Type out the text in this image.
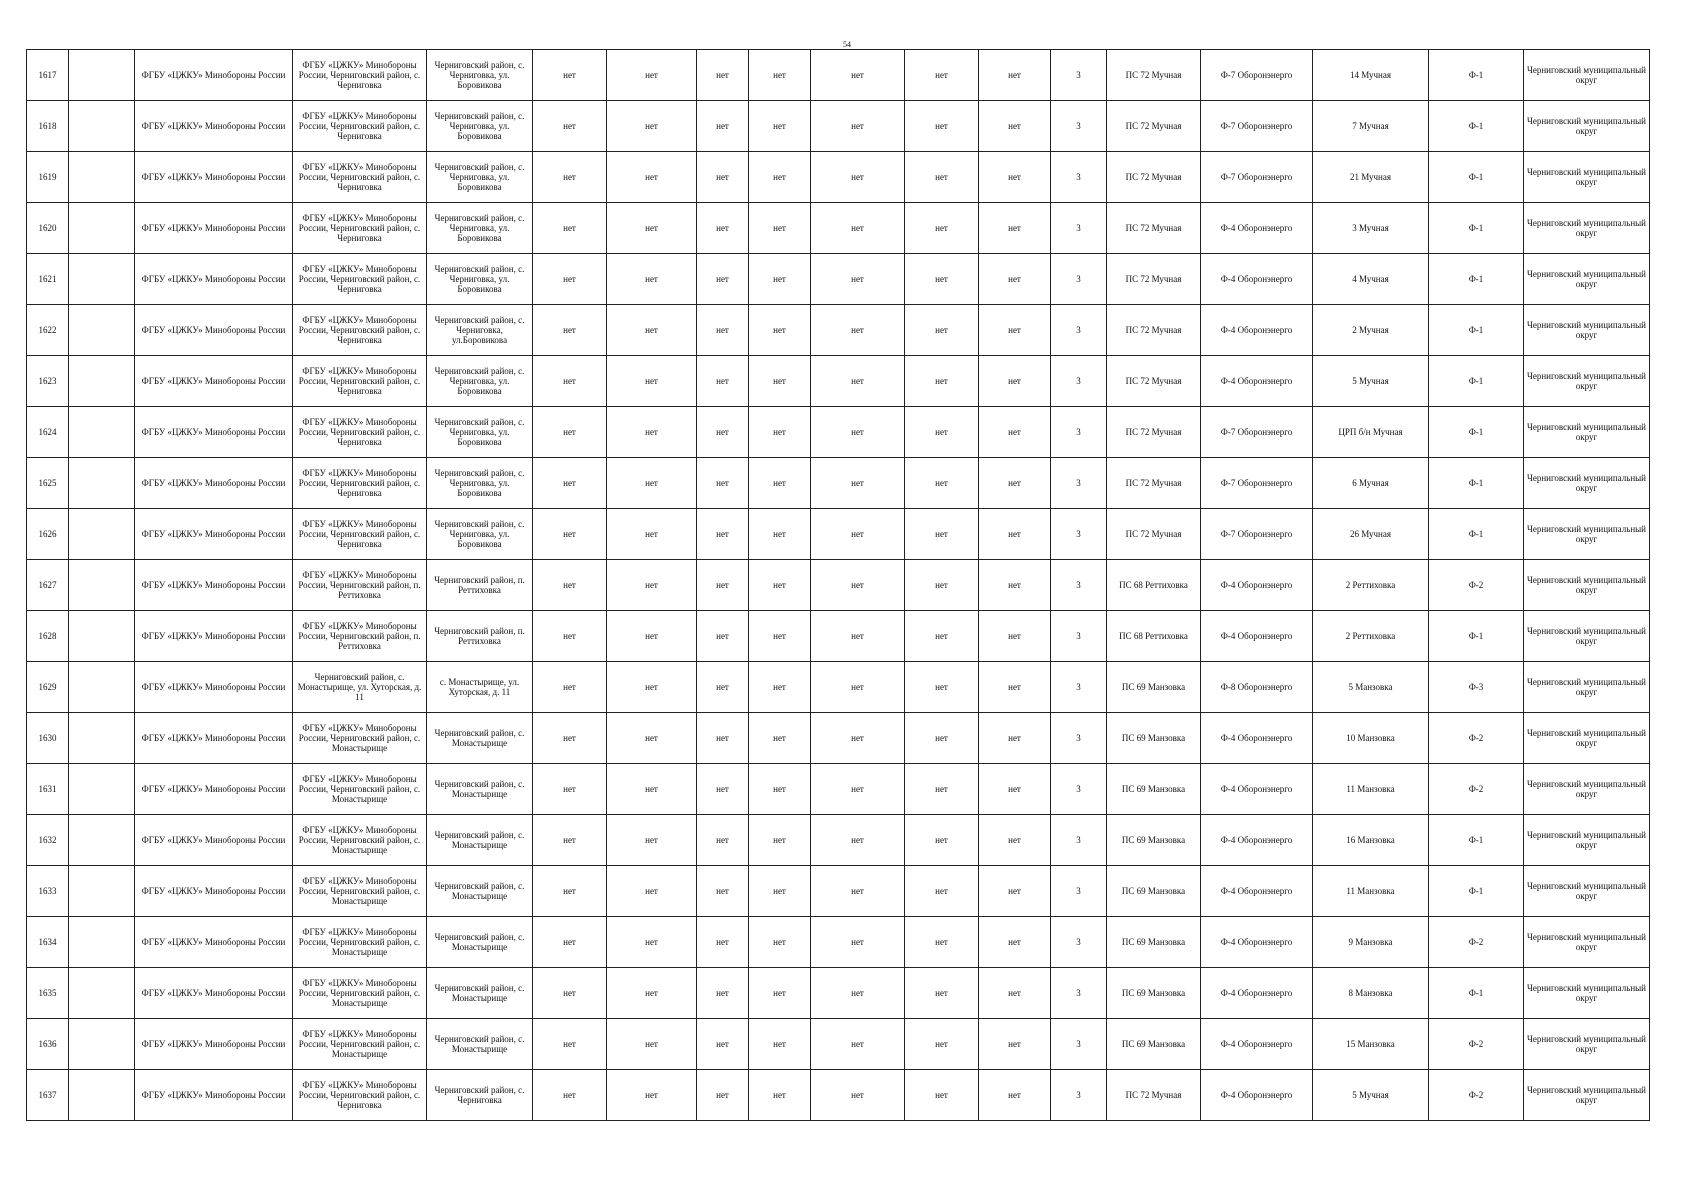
54
1617		ФГБУ «ЦЖКУ» Минобороны России	ФГБУ «ЦЖКУ» Минобороны России, Черниговский район, с. Черниговка	Черниговский район, с. Черниговка, ул. Боровикова	нет	нет	нет	нет	нет	нет	нет	3	ПС 72 Мучная	Ф-7 Оборонэнерго	14 Мучная	Ф-1	Черниговский муниципальный округ
1618		ФГБУ «ЦЖКУ» Минобороны России	ФГБУ «ЦЖКУ» Минобороны России, Черниговский район, с. Черниговка	Черниговский район, с. Черниговка, ул. Боровикова	нет	нет	нет	нет	нет	нет	нет	3	ПС 72 Мучная	Ф-7 Оборонэнерго	7 Мучная	Ф-1	Черниговский муниципальный округ
1619		ФГБУ «ЦЖКУ» Минобороны России	ФГБУ «ЦЖКУ» Минобороны России, Черниговский район, с. Черниговка	Черниговский район, с. Черниговка, ул. Боровикова	нет	нет	нет	нет	нет	нет	нет	3	ПС 72 Мучная	Ф-7 Оборонэнерго	21 Мучная	Ф-1	Черниговский муниципальный округ
1620		ФГБУ «ЦЖКУ» Минобороны России	ФГБУ «ЦЖКУ» Минобороны России, Черниговский район, с. Черниговка	Черниговский район, с. Черниговка, ул. Боровикова	нет	нет	нет	нет	нет	нет	нет	3	ПС 72 Мучная	Ф-4 Оборонэнерго	3 Мучная	Ф-1	Черниговский муниципальный округ
1621		ФГБУ «ЦЖКУ» Минобороны России	ФГБУ «ЦЖКУ» Минобороны России, Черниговский район, с. Черниговка	Черниговский район, с. Черниговка, ул. Боровикова	нет	нет	нет	нет	нет	нет	нет	3	ПС 72 Мучная	Ф-4 Оборонэнерго	4 Мучная	Ф-1	Черниговский муниципальный округ
1622		ФГБУ «ЦЖКУ» Минобороны России	ФГБУ «ЦЖКУ» Минобороны России, Черниговский район, с. Черниговка	Черниговский район, с. Черниговка, ул.Боровикова	нет	нет	нет	нет	нет	нет	нет	3	ПС 72 Мучная	Ф-4 Оборонэнерго	2 Мучная	Ф-1	Черниговский муниципальный округ
1623		ФГБУ «ЦЖКУ» Минобороны России	ФГБУ «ЦЖКУ» Минобороны России, Черниговский район, с. Черниговка	Черниговский район, с. Черниговка, ул. Боровикова	нет	нет	нет	нет	нет	нет	нет	3	ПС 72 Мучная	Ф-4 Оборонэнерго	5 Мучная	Ф-1	Черниговский муниципальный округ
1624		ФГБУ «ЦЖКУ» Минобороны России	ФГБУ «ЦЖКУ» Минобороны России, Черниговский район, с. Черниговка	Черниговский район, с. Черниговка, ул. Боровикова	нет	нет	нет	нет	нет	нет	нет	3	ПС 72 Мучная	Ф-7 Оборонэнерго	ЦРП б/н Мучная	Ф-1	Черниговский муниципальный округ
1625		ФГБУ «ЦЖКУ» Минобороны России	ФГБУ «ЦЖКУ» Минобороны России, Черниговский район, с. Черниговка	Черниговский район, с. Черниговка, ул. Боровикова	нет	нет	нет	нет	нет	нет	нет	3	ПС 72 Мучная	Ф-7 Оборонэнерго	6 Мучная	Ф-1	Черниговский муниципальный округ
1626		ФГБУ «ЦЖКУ» Минобороны России	ФГБУ «ЦЖКУ» Минобороны России, Черниговский район, с. Черниговка	Черниговский район, с. Черниговка, ул. Боровикова	нет	нет	нет	нет	нет	нет	нет	3	ПС 72 Мучная	Ф-7 Оборонэнерго	26 Мучная	Ф-1	Черниговский муниципальный округ
1627		ФГБУ «ЦЖКУ» Минобороны России	ФГБУ «ЦЖКУ» Минобороны России, Черниговский район, п. Реттиховка	Черниговский район, п. Реттиховка	нет	нет	нет	нет	нет	нет	нет	3	ПС 68 Реттиховка	Ф-4 Оборонэнерго	2 Реттиховка	Ф-2	Черниговский муниципальный округ
1628		ФГБУ «ЦЖКУ» Минобороны России	ФГБУ «ЦЖКУ» Минобороны России, Черниговский район, п. Реттиховка	Черниговский район, п. Реттиховка	нет	нет	нет	нет	нет	нет	нет	3	ПС 68 Реттиховка	Ф-4 Оборонэнерго	2 Реттиховка	Ф-1	Черниговский муниципальный округ
1629		ФГБУ «ЦЖКУ» Минобороны России	Черниговский район, с. Монастырище, ул. Хуторская, д. 11	с. Монастырище, ул. Хуторская, д. 11	нет	нет	нет	нет	нет	нет	нет	3	ПС 69 Манзовка	Ф-8 Оборонэнерго	5 Манзовка	Ф-3	Черниговский муниципальный округ
1630		ФГБУ «ЦЖКУ» Минобороны России	ФГБУ «ЦЖКУ» Минобороны России, Черниговский район, с. Монастырище	Черниговский район, с. Монастырище	нет	нет	нет	нет	нет	нет	нет	3	ПС 69 Манзовка	Ф-4 Оборонэнерго	10 Манзовка	Ф-2	Черниговский муниципальный округ
1631		ФГБУ «ЦЖКУ» Минобороны России	ФГБУ «ЦЖКУ» Минобороны России, Черниговский район, с. Монастырище	Черниговский район, с. Монастырище	нет	нет	нет	нет	нет	нет	нет	3	ПС 69 Манзовка	Ф-4 Оборонэнерго	11 Манзовка	Ф-2	Черниговский муниципальный округ
1632		ФГБУ «ЦЖКУ» Минобороны России	ФГБУ «ЦЖКУ» Минобороны России, Черниговский район, с. Монастырище	Черниговский район, с. Монастырище	нет	нет	нет	нет	нет	нет	нет	3	ПС 69 Манзовка	Ф-4 Оборонэнерго	16 Манзовка	Ф-1	Черниговский муниципальный округ
1633		ФГБУ «ЦЖКУ» Минобороны России	ФГБУ «ЦЖКУ» Минобороны России, Черниговский район, с. Монастырище	Черниговский район, с. Монастырище	нет	нет	нет	нет	нет	нет	нет	3	ПС 69 Манзовка	Ф-4 Оборонэнерго	11 Манзовка	Ф-1	Черниговский муниципальный округ
1634		ФГБУ «ЦЖКУ» Минобороны России	ФГБУ «ЦЖКУ» Минобороны России, Черниговский район, с. Монастырище	Черниговский район, с. Монастырище	нет	нет	нет	нет	нет	нет	нет	3	ПС 69 Манзовка	Ф-4 Оборонэнерго	9 Манзовка	Ф-2	Черниговский муниципальный округ
1635		ФГБУ «ЦЖКУ» Минобороны России	ФГБУ «ЦЖКУ» Минобороны России, Черниговский район, с. Монастырище	Черниговский район, с. Монастырище	нет	нет	нет	нет	нет	нет	нет	3	ПС 69 Манзовка	Ф-4 Оборонэнерго	8 Манзовка	Ф-1	Черниговский муниципальный округ
1636		ФГБУ «ЦЖКУ» Минобороны России	ФГБУ «ЦЖКУ» Минобороны России, Черниговский район, с. Монастырище	Черниговский район, с. Монастырище	нет	нет	нет	нет	нет	нет	нет	3	ПС 69 Манзовка	Ф-4 Оборонэнерго	15 Манзовка	Ф-2	Черниговский муниципальный округ
1637		ФГБУ «ЦЖКУ» Минобороны России	ФГБУ «ЦЖКУ» Минобороны России, Черниговский район, с. Черниговка	Черниговский район, с. Черниговка	нет	нет	нет	нет	нет	нет	нет	3	ПС 72 Мучная	Ф-4 Оборонэнерго	5 Мучная	Ф-2	Черниговский муниципальный округ
